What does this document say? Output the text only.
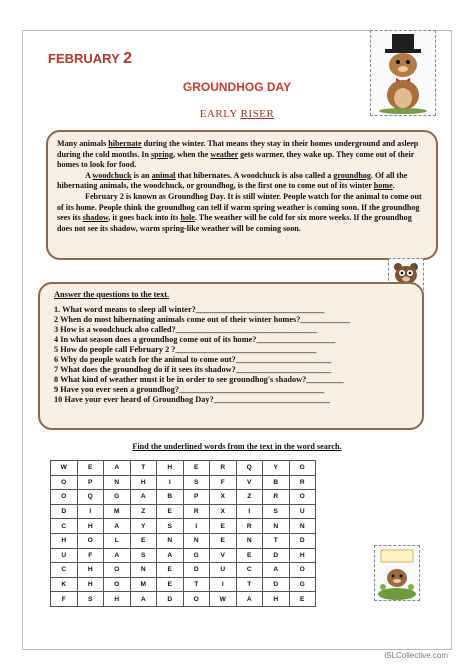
FEBRUARY 2
GROUNDHOG DAY
EARLY RISER

Many animals hibernate during the winter. That means they stay in their homes underground and asleep during the cold months. In spring, when the weather gets warmer, they wake up. They come out of their homes to look for food.

A woodchuck is an animal that hibernates. A woodchuck is also called a groundhog. Of all the hibernating animals, the woodchuck, or groundhog, is the first one to come out of its winter home.

February 2 is known as Groundhog Day. It is still winter. People watch for the animal to come out of its home. People think the groundhog can tell if warm spring weather is coming soon. If the groundhog sees its shadow, it goes back into its hole. The weather will be cold for six more weeks. If the groundhog does not see its shadow, warm spring-like weather will be coming soon.

Answer the questions to the text.
1. What word means to sleep all winter?_______________________________
2 When do most hibernating animals come out of their winter homes?____________
3 How is a woodchuck also called?__________________________________
4 In what season does a groundhog come out of its home?___________________
5 How do people call February 2 ?__________________________________
6 Why do people watch for the animal to come out?_______________________
7 What does the groundhog do if it sees its shadow?_______________________
8 What kind of weather must it be in order to see groundhog's shadow?_________
9 Have you ever seen a groundhog?___________________________________
10 Have your ever heard of Groundhog Day?____________________________
Find the underlined words from the text in the word search.
W	E	A	T	H	E	R	Q	Y	G
O	P	N	H	I	S	F	V	B	R
O	Q	G	A	B	P	X	Z	R	O
D	I	M	Z	E	R	X	I	S	U
C	H	A	Y	S	I	E	R	N	N
H	O	L	E	N	N	E	N	T	D
U	F	A	S	A	G	V	E	D	H
C	H	O	N	E	D	U	C	A	O
K	H	O	M	E	T	I	T	D	G
F	S	H	A	D	O	W	A	H	E
iSLCollective.com
